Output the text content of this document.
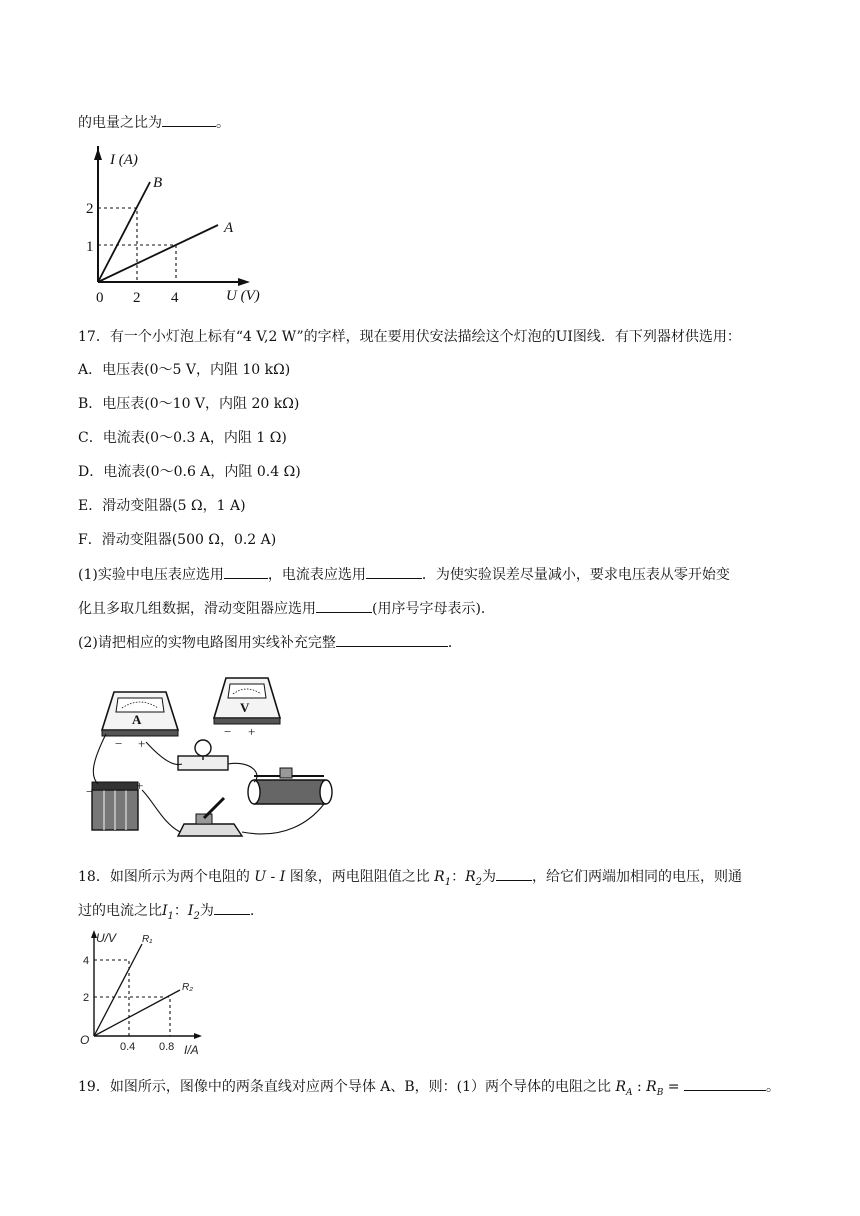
的电量之比为	。
I (A)
U (V)
0 2 4
2
1
B
A
17．有一个小灯泡上标有“4 V,2 W”的字样，现在要用伏安法描绘这个灯泡的UI图线．有下列器材供选用：
A．电压表(0～5 V，内阻 10 kΩ)
B．电压表(0～10 V，内阻 20 kΩ)
C．电流表(0～0.3 A，内阻 1 Ω)
D．电流表(0～0.6 A，内阻 0.4 Ω)
E．滑动变阻器(5 Ω，1 A)
F．滑动变阻器(500 Ω，0.2 A)
(1)实验中电压表应选用	，电流表应选用	．为使实验误差尽量减小，要求电压表从零开始变
化且多取几组数据，滑动变阻器应选用	(用序号字母表示)．
(2)请把相应的实物电路图用实线补充完整	．
A
− +
V
− +
+
−
18．如图所示为两个电阻的 U - I 图象，两电阻阻值之比 $R_1$：$R_2$为	，给它们两端加相同的电压，则通
过的电流之比$I_1$：$I_2$为	.
U/V
I/A
O	0.4 0.8
4
2
R₁
R₂
19．如图所示，图像中的两条直线对应两个导体 A、B，则：(1）两个导体的电阻之比 $R_A$ : $R_B$ =	。
